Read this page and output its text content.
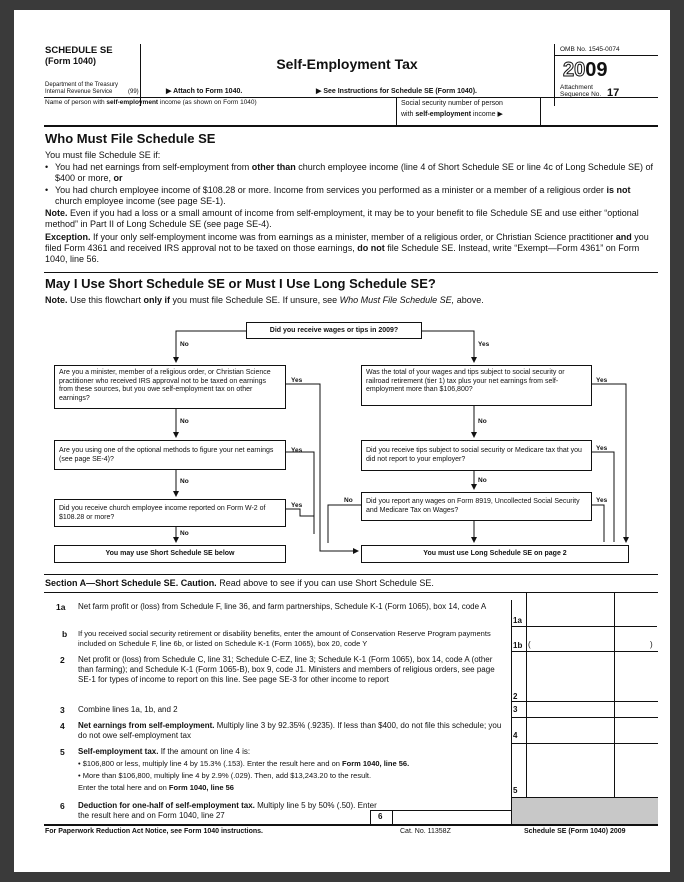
SCHEDULE SE
(Form 1040)
Department of the Treasury
Internal Revenue Service	(99)
Self-Employment Tax
▶ Attach to Form 1040.	▶ See Instructions for Schedule SE (Form 1040).
OMB No. 1545-0074
2009
Attachment
Sequence No. 17
Name of person with self-employment income (as shown on Form 1040)	Social security number of person
with self-employment income ▶
Who Must File Schedule SE
You must file Schedule SE if:
• You had net earnings from self-employment from other than church employee income (line 4 of Short Schedule SE or line 4c of Long Schedule SE) of $400 or more, or
• You had church employee income of $108.28 or more. Income from services you performed as a minister or a member of a religious order is not church employee income (see page SE-1).
Note. Even if you had a loss or a small amount of income from self-employment, it may be to your benefit to file Schedule SE and use either “optional method” in Part II of Long Schedule SE (see page SE-4).
Exception. If your only self-employment income was from earnings as a minister, member of a religious order, or Christian Science practitioner and you filed Form 4361 and received IRS approval not to be taxed on those earnings, do not file Schedule SE. Instead, write “Exempt—Form 4361” on Form 1040, line 56.
May I Use Short Schedule SE or Must I Use Long Schedule SE?
Note. Use this flowchart only if you must file Schedule SE. If unsure, see Who Must File Schedule SE, above.
Did you receive wages or tips in 2009?
No	Yes
Are you a minister, member of a religious order, or Christian Science practitioner who received IRS approval not to be taxed on earnings from these sources, but you owe self-employment tax on other earnings?
Yes
No
Are you using one of the optional methods to figure your net earnings (see page SE-4)?
Yes
No
Did you receive church employee income reported on Form W-2 of $108.28 or more?
Yes
No
Was the total of your wages and tips subject to social security or railroad retirement (tier 1) tax plus your net earnings from self-employment more than $106,800?
Yes
No
Did you receive tips subject to social security or Medicare tax that you did not report to your employer?
Yes
No
Did you report any wages on Form 8919, Uncollected Social Security and Medicare Tax on Wages?
Yes
No
You may use Short Schedule SE below	You must use Long Schedule SE on page 2
Section A—Short Schedule SE. Caution. Read above to see if you can use Short Schedule SE.
1a Net farm profit or (loss) from Schedule F, line 36, and farm partnerships, Schedule K-1 (Form 1065), box 14, code A
1a
b If you received social security retirement or disability benefits, enter the amount of Conservation Reserve Program payments included on Schedule F, line 6b, or listed on Schedule K-1 (Form 1065), box 20, code Y	1b (	)
2 Net profit or (loss) from Schedule C, line 31; Schedule C-EZ, line 3; Schedule K-1 (Form 1065), box 14, code A (other than farming); and Schedule K-1 (Form 1065-B), box 9, code J1. Ministers and members of religious orders, see page SE-1 for types of income to report on this line. See page SE-3 for other income to report
2
3 Combine lines 1a, 1b, and 2	3
4 Net earnings from self-employment. Multiply line 3 by 92.35% (.9235). If less than $400, do not file this schedule; you do not owe self-employment tax	4
5 Self-employment tax. If the amount on line 4 is:
• $106,800 or less, multiply line 4 by 15.3% (.153). Enter the result here and on Form 1040, line 56.
• More than $106,800, multiply line 4 by 2.9% (.029). Then, add $13,243.20 to the result.
Enter the total here and on Form 1040, line 56	5
6 Deduction for one-half of self-employment tax. Multiply line 5 by 50% (.50). Enter the result here and on Form 1040, line 27	6
For Paperwork Reduction Act Notice, see Form 1040 instructions.	Cat. No. 11358Z	Schedule SE (Form 1040) 2009
